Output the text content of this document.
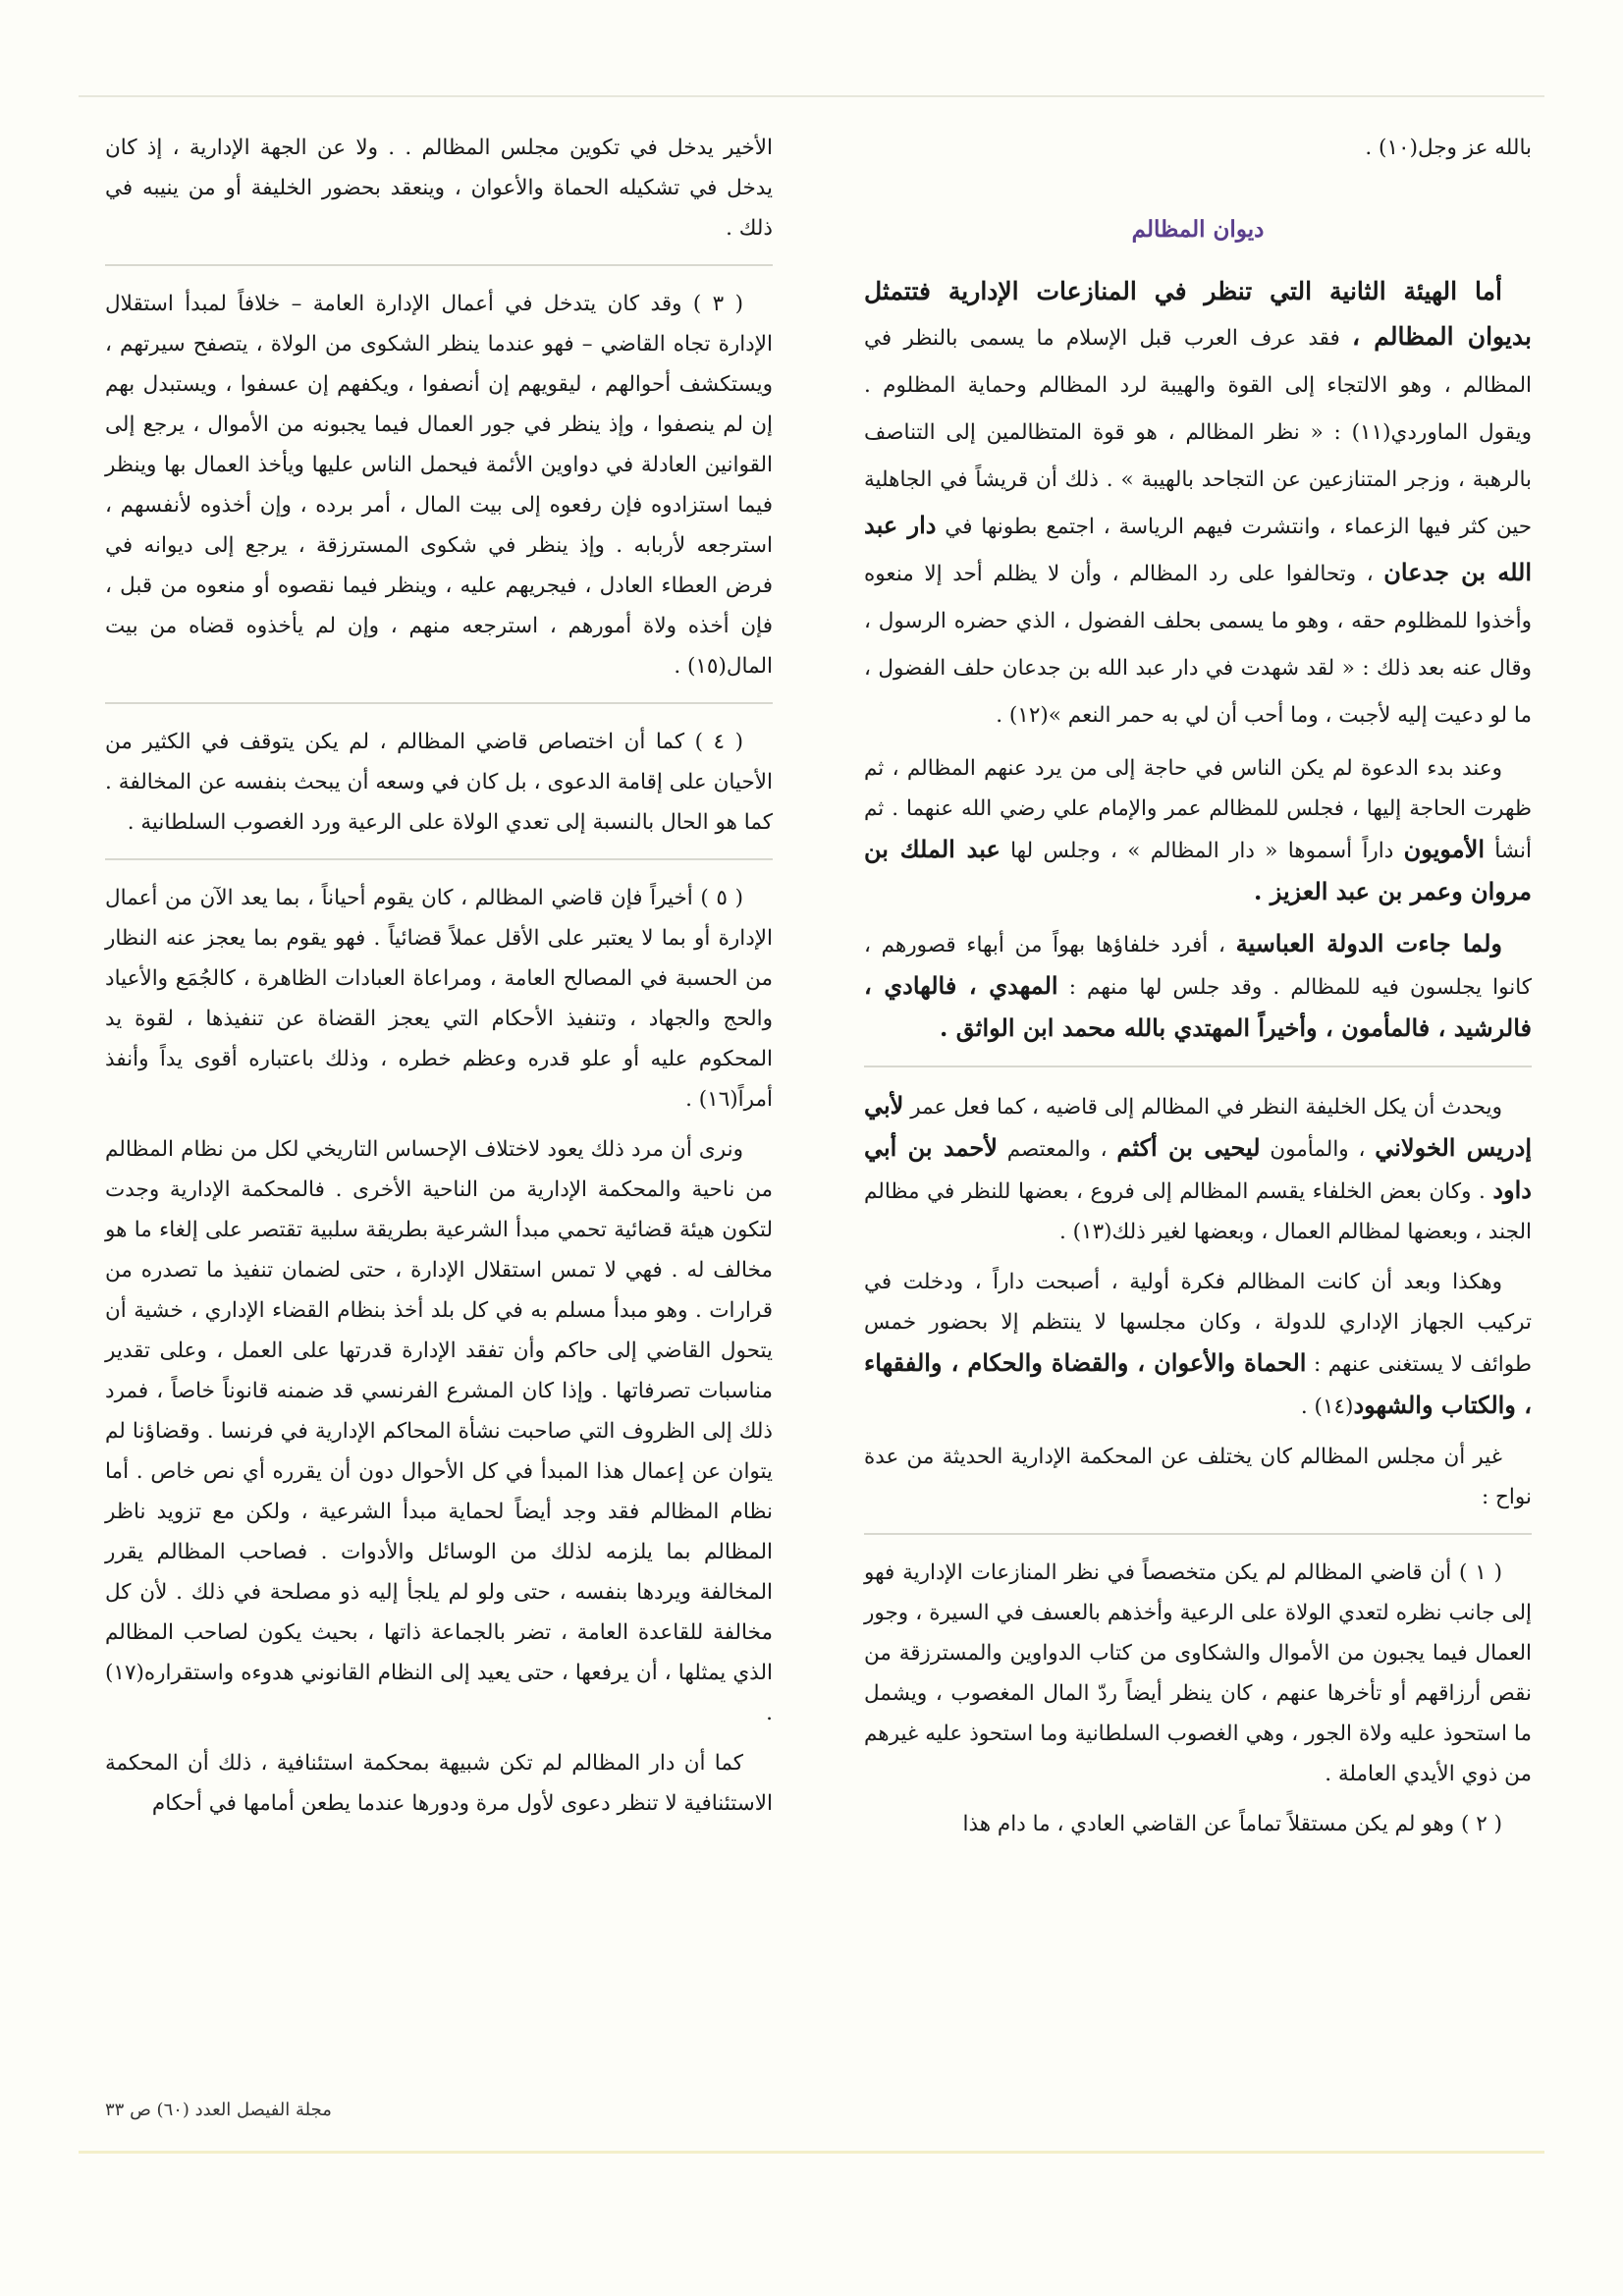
بالله عز وجل(١٠) .

ديوان المظالم

أما الهيئة الثانية التي تنظر في المنازعات الإدارية فتتمثل بديوان المظالم ، فقد عرف العرب قبل الإسلام ما يسمى بالنظر في المظالم ، وهو الالتجاء إلى القوة والهيبة لرد المظالم وحماية المظلوم . ويقول الماوردي(١١) : « نظر المظالم ، هو قوة المتظالمين إلى التناصف بالرهبة ، وزجر المتنازعين عن التجاحد بالهيبة » . ذلك أن قريشاً في الجاهلية حين كثر فيها الزعماء ، وانتشرت فيهم الرياسة ، اجتمع بطونها في دار عبد الله بن جدعان ، وتحالفوا على رد المظالم ، وأن لا يظلم أحد إلا منعوه وأخذوا للمظلوم حقه ، وهو ما يسمى بحلف الفضول ، الذي حضره الرسول ، وقال عنه بعد ذلك : « لقد شهدت في دار عبد الله بن جدعان حلف الفضول ، ما لو دعيت إليه لأجبت ، وما أحب أن لي به حمر النعم »(١٢) .

وعند بدء الدعوة لم يكن الناس في حاجة إلى من يرد عنهم المظالم ، ثم ظهرت الحاجة إليها ، فجلس للمظالم عمر والإمام علي رضي الله عنهما . ثم أنشأ الأمويون داراً أسموها « دار المظالم » ، وجلس لها عبد الملك بن مروان وعمر بن عبد العزيز .

ولما جاءت الدولة العباسية ، أفرد خلفاؤها بهواً من أبهاء قصورهم ، كانوا يجلسون فيه للمظالم . وقد جلس لها منهم : المهدي ، فالهادي ، فالرشيد ، فالمأمون ، وأخيراً المهتدي بالله محمد ابن الواثق .

ويحدث أن يكل الخليفة النظر في المظالم إلى قاضيه ، كما فعل عمر لأبي إدريس الخولاني ، والمأمون ليحيى بن أكثم ، والمعتصم لأحمد بن أبي داود . وكان بعض الخلفاء يقسم المظالم إلى فروع ، بعضها للنظر في مظالم الجند ، وبعضها لمظالم العمال ، وبعضها لغير ذلك(١٣) .

وهكذا وبعد أن كانت المظالم فكرة أولية ، أصبحت داراً ، ودخلت في تركيب الجهاز الإداري للدولة ، وكان مجلسها لا ينتظم إلا بحضور خمس طوائف لا يستغنى عنهم : الحماة والأعوان ، والقضاة والحكام ، والفقهاء ، والكتاب والشهود(١٤) .

غير أن مجلس المظالم كان يختلف عن المحكمة الإدارية الحديثة من عدة نواح :

( ١ ) أن قاضي المظالم لم يكن متخصصاً في نظر المنازعات الإدارية فهو إلى جانب نظره لتعدي الولاة على الرعية وأخذهم بالعسف في السيرة ، وجور العمال فيما يجبون من الأموال والشكاوى من كتاب الدواوين والمسترزقة من نقص أرزاقهم أو تأخرها عنهم ، كان ينظر أيضاً ردّ المال المغصوب ، ويشمل ما استحوذ عليه ولاة الجور ، وهي الغصوب السلطانية وما استحوذ عليه غيرهم من ذوي الأيدي العاملة .

( ٢ ) وهو لم يكن مستقلاً تماماً عن القاضي العادي ، ما دام هذا

الأخير يدخل في تكوين مجلس المظالم . . ولا عن الجهة الإدارية ، إذ كان يدخل في تشكيله الحماة والأعوان ، وينعقد بحضور الخليفة أو من ينيبه في ذلك .

( ٣ ) وقد كان يتدخل في أعمال الإدارة العامة – خلافاً لمبدأ استقلال الإدارة تجاه القاضي – فهو عندما ينظر الشكوى من الولاة ، يتصفح سيرتهم ، ويستكشف أحوالهم ، ليقويهم إن أنصفوا ، ويكفهم إن عسفوا ، ويستبدل بهم إن لم ينصفوا ، وإذ ينظر في جور العمال فيما يجبونه من الأموال ، يرجع إلى القوانين العادلة في دواوين الأئمة فيحمل الناس عليها ويأخذ العمال بها وينظر فيما استزادوه فإن رفعوه إلى بيت المال ، أمر برده ، وإن أخذوه لأنفسهم ، استرجعه لأربابه . وإذ ينظر في شكوى المسترزقة ، يرجع إلى ديوانه في فرض العطاء العادل ، فيجريهم عليه ، وينظر فيما نقصوه أو منعوه من قبل ، فإن أخذه ولاة أمورهم ، استرجعه منهم ، وإن لم يأخذوه قضاه من بيت المال(١٥) .

( ٤ ) كما أن اختصاص قاضي المظالم ، لم يكن يتوقف في الكثير من الأحيان على إقامة الدعوى ، بل كان في وسعه أن يبحث بنفسه عن المخالفة . كما هو الحال بالنسبة إلى تعدي الولاة على الرعية ورد الغصوب السلطانية .

( ٥ ) أخيراً فإن قاضي المظالم ، كان يقوم أحياناً ، بما يعد الآن من أعمال الإدارة أو بما لا يعتبر على الأقل عملاً قضائياً . فهو يقوم بما يعجز عنه النظار من الحسبة في المصالح العامة ، ومراعاة العبادات الظاهرة ، كالجُمَع والأعياد والحج والجهاد ، وتنفيذ الأحكام التي يعجز القضاة عن تنفيذها ، لقوة يد المحكوم عليه أو علو قدره وعظم خطره ، وذلك باعتباره أقوى يداً وأنفذ أمراً(١٦) .

ونرى أن مرد ذلك يعود لاختلاف الإحساس التاريخي لكل من نظام المظالم من ناحية والمحكمة الإدارية من الناحية الأخرى . فالمحكمة الإدارية وجدت لتكون هيئة قضائية تحمي مبدأ الشرعية بطريقة سلبية تقتصر على إلغاء ما هو مخالف له . فهي لا تمس استقلال الإدارة ، حتى لضمان تنفيذ ما تصدره من قرارات . وهو مبدأ مسلم به في كل بلد أخذ بنظام القضاء الإداري ، خشية أن يتحول القاضي إلى حاكم وأن تفقد الإدارة قدرتها على العمل ، وعلى تقدير مناسبات تصرفاتها . وإذا كان المشرع الفرنسي قد ضمنه قانوناً خاصاً ، فمرد ذلك إلى الظروف التي صاحبت نشأة المحاكم الإدارية في فرنسا . وقضاؤنا لم يتوان عن إعمال هذا المبدأ في كل الأحوال دون أن يقرره أي نص خاص . أما نظام المظالم فقد وجد أيضاً لحماية مبدأ الشرعية ، ولكن مع تزويد ناظر المظالم بما يلزمه لذلك من الوسائل والأدوات . فصاحب المظالم يقرر المخالفة ويردها بنفسه ، حتى ولو لم يلجأ إليه ذو مصلحة في ذلك . لأن كل مخالفة للقاعدة العامة ، تضر بالجماعة ذاتها ، بحيث يكون لصاحب المظالم الذي يمثلها ، أن يرفعها ، حتى يعيد إلى النظام القانوني هدوءه واستقراره(١٧) .

كما أن دار المظالم لم تكن شبيهة بمحكمة استئنافية ، ذلك أن المحكمة الاستئنافية لا تنظر دعوى لأول مرة ودورها عندما يطعن أمامها في أحكام

مجلة الفيصل العدد (٦٠) ص ٣٣
